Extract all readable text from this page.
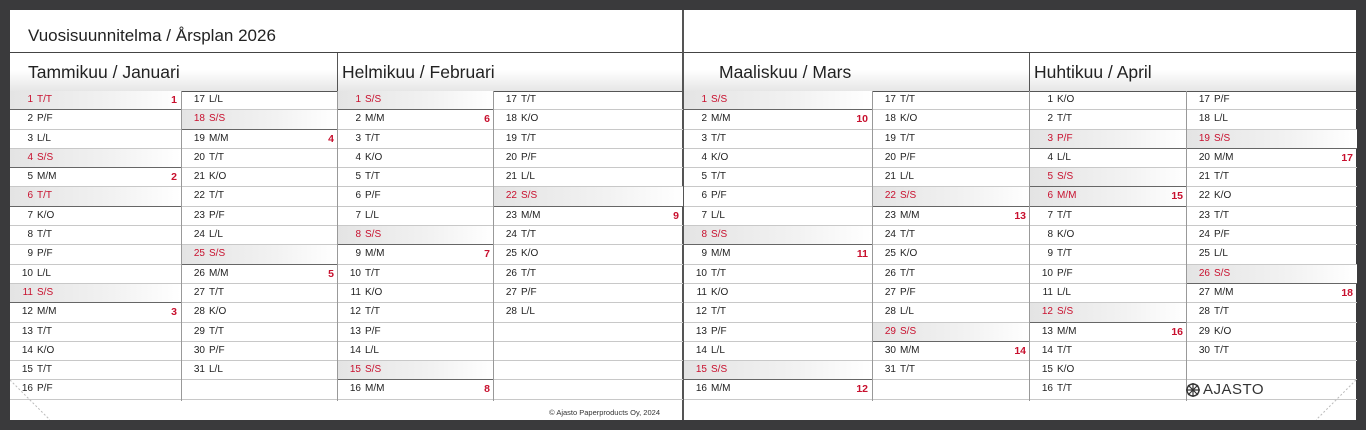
Vuosisuunnitelma / Årsplan 2026
Tammikuu / Januari	Helmikuu / Februari
1 T/T	1
2 P/F
3 L/L
4 S/S
5 M/M	2
6 T/T
7 K/O
8 T/T
9 P/F
10 L/L
11 S/S
12 M/M	3
13 T/T
14 K/O
15 T/T
16 P/F
17 L/L
18 S/S
19 M/M	4
20 T/T
21 K/O
22 T/T
23 P/F
24 L/L
25 S/S
26 M/M	5
27 T/T
28 K/O
29 T/T
30 P/F
31 L/L
1 S/S
2 M/M	6
3 T/T
4 K/O
5 T/T
6 P/F
7 L/L
8 S/S
9 M/M	7
10 T/T
11 K/O
12 T/T
13 P/F
14 L/L
15 S/S
16 M/M	8
17 T/T
18 K/O
19 T/T
20 P/F
21 L/L
22 S/S
23 M/M	9
24 T/T
25 K/O
26 T/T
27 P/F
28 L/L
© Ajasto Paperproducts Oy, 2024
Maaliskuu / Mars	Huhtikuu / April
1 S/S
2 M/M	10
3 T/T
4 K/O
5 T/T
6 P/F
7 L/L
8 S/S
9 M/M	11
10 T/T
11 K/O
12 T/T
13 P/F
14 L/L
15 S/S
16 M/M	12
17 T/T
18 K/O
19 T/T
20 P/F
21 L/L
22 S/S
23 M/M	13
24 T/T
25 K/O
26 T/T
27 P/F
28 L/L
29 S/S
30 M/M	14
31 T/T
1 K/O
2 T/T
3 P/F
4 L/L
5 S/S
6 M/M	15
7 T/T
8 K/O
9 T/T
10 P/F
11 L/L
12 S/S
13 M/M	16
14 T/T
15 K/O
16 T/T
17 P/F
18 L/L
19 S/S
20 M/M	17
21 T/T
22 K/O
23 T/T
24 P/F
25 L/L
26 S/S
27 M/M	18
28 T/T
29 K/O
30 T/T
AJASTO
